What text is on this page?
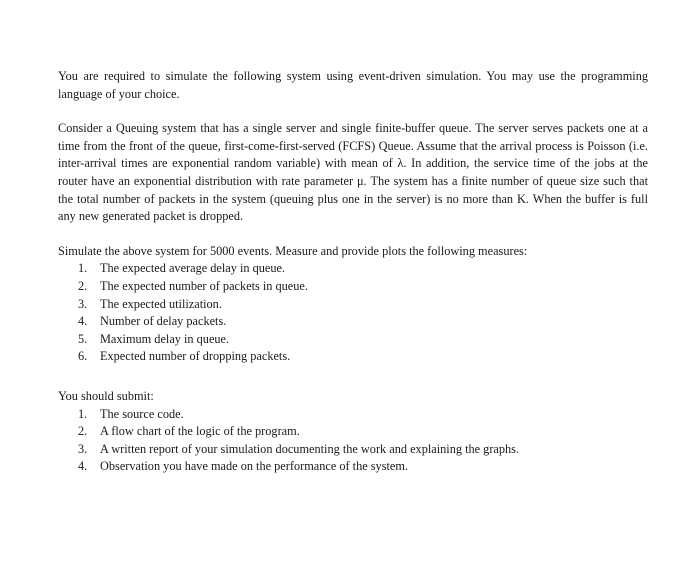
You are required to simulate the following system using event-driven simulation. You may use the programming language of your choice.

Consider a Queuing system that has a single server and single finite-buffer queue. The server serves packets one at a time from the front of the queue, first-come-first-served (FCFS) Queue. Assume that the arrival process is Poisson (i.e. inter-arrival times are exponential random variable) with mean of λ. In addition, the service time of the jobs at the router have an exponential distribution with rate parameter μ. The system has a finite number of queue size such that the total number of packets in the system (queuing plus one in the server) is no more than K. When the buffer is full any new generated packet is dropped.

Simulate the above system for 5000 events. Measure and provide plots the following measures:

1. The expected average delay in queue.
2. The expected number of packets in queue.
3. The expected utilization.
4. Number of delay packets.
5. Maximum delay in queue.
6. Expected number of dropping packets.

You should submit:

1. The source code.
2. A flow chart of the logic of the program.
3. A written report of your simulation documenting the work and explaining the graphs.
4. Observation you have made on the performance of the system.
